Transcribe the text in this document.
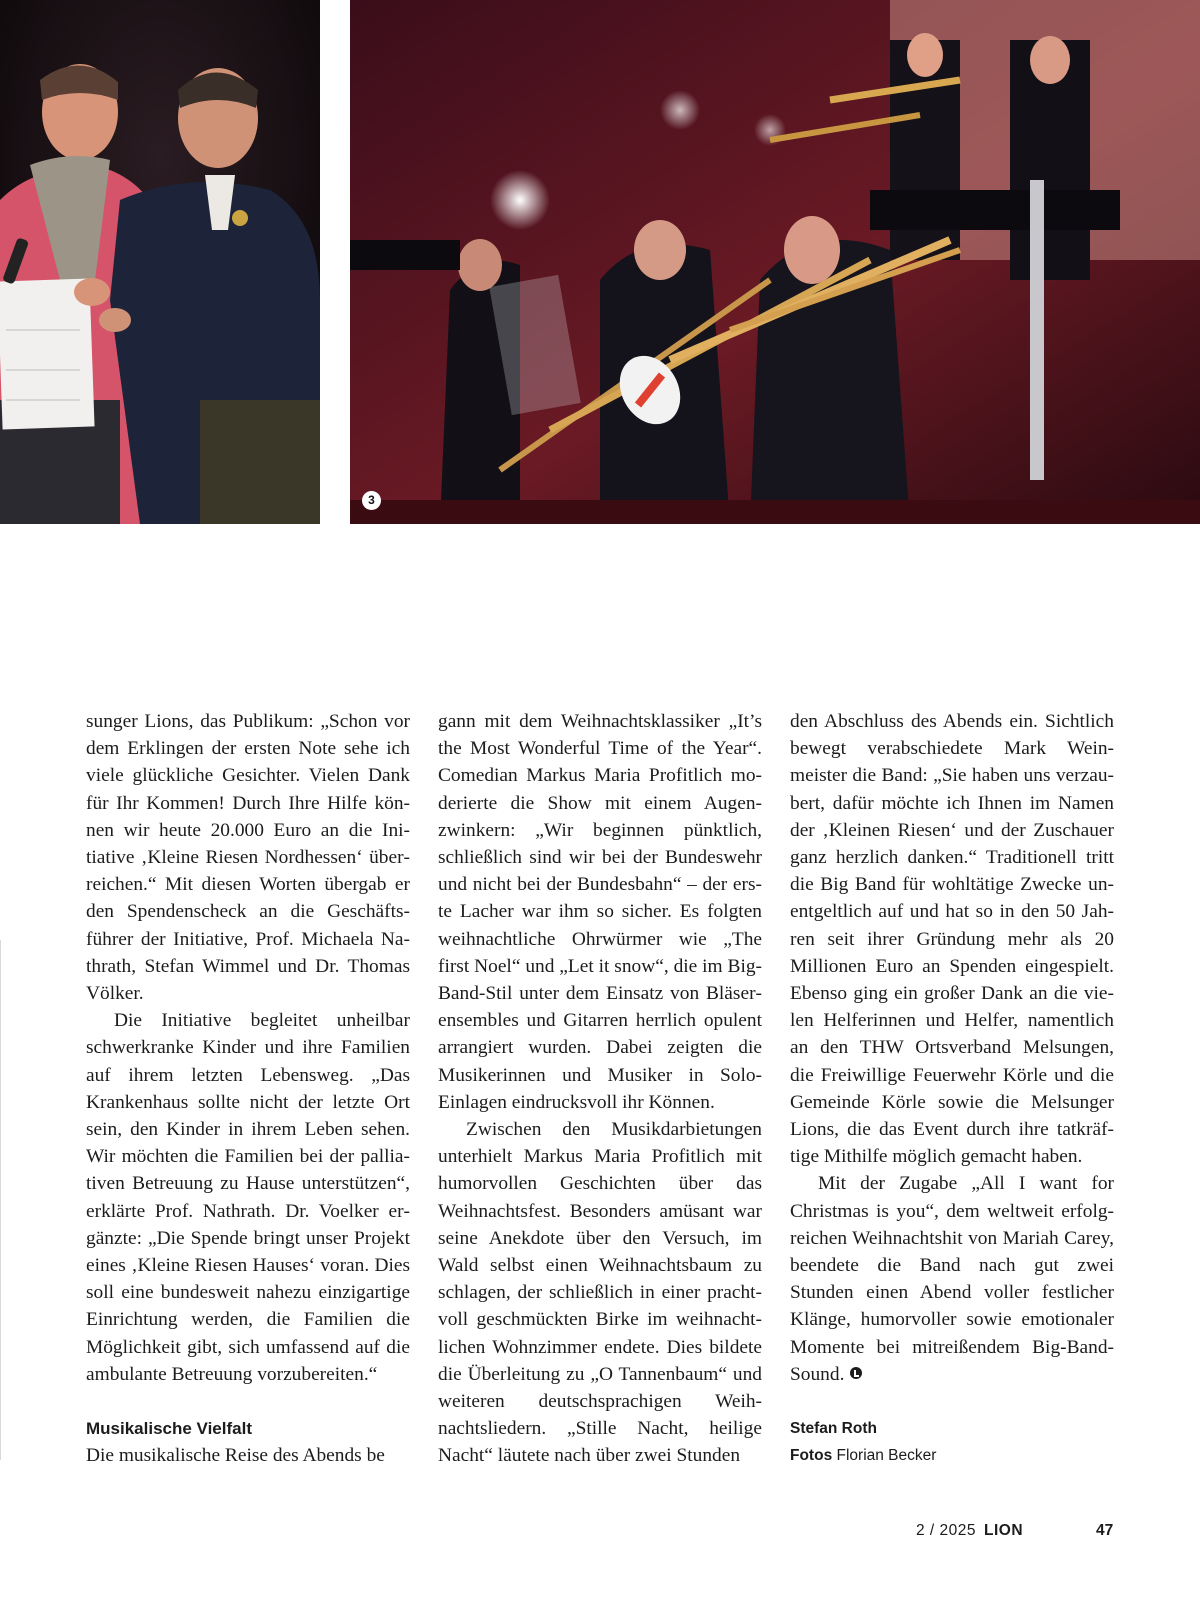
3

sunger Lions, das Publikum: „Schon vor dem Erklingen der ersten Note sehe ich viele glückliche Gesichter. Vielen Dank für Ihr Kommen! Durch Ihre Hilfe können wir heute 20.000 Euro an die Initiative ‚Kleine Riesen Nordhessen‘ überreichen.“ Mit diesen Worten übergab er den Spendenscheck an die Geschäftsführer der Initiative, Prof. Michaela Nathrath, Stefan Wimmel und Dr. Thomas Völker.

Die Initiative begleitet unheilbar schwerkranke Kinder und ihre Familien auf ihrem letzten Lebensweg. „Das Krankenhaus sollte nicht der letzte Ort sein, den Kinder in ihrem Leben sehen. Wir möchten die Familien bei der palliativen Betreuung zu Hause unterstützen“, erklärte Prof. Nathrath. Dr. Voelker ergänzte: „Die Spende bringt unser Projekt eines ‚Kleine Riesen Hauses‘ voran. Dies soll eine bundesweit nahezu einzigartige Einrichtung werden, die Familien die Möglichkeit gibt, sich umfassend auf die ambulante Betreuung vorzubereiten.“

Musikalische Vielfalt

Die musikalische Reise des Abends be

gann mit dem Weihnachtsklassiker „It’s the Most Wonderful Time of the Year“. Comedian Markus Maria Profitlich moderierte die Show mit einem Augenzwinkern: „Wir beginnen pünktlich, schließlich sind wir bei der Bundeswehr und nicht bei der Bundesbahn“ – der erste Lacher war ihm so sicher. Es folgten weihnachtliche Ohrwürmer wie „The first Noel“ und „Let it snow“, die im Big-Band-Stil unter dem Einsatz von Bläserensembles und Gitarren herrlich opulent arrangiert wurden. Dabei zeigten die Musikerinnen und Musiker in Solo-Einlagen eindrucksvoll ihr Können.

Zwischen den Musikdarbietungen unterhielt Markus Maria Profitlich mit humorvollen Geschichten über das Weihnachtsfest. Besonders amüsant war seine Anekdote über den Versuch, im Wald selbst einen Weihnachtsbaum zu schlagen, der schließlich in einer prachtvoll geschmückten Birke im weihnachtlichen Wohnzimmer endete. Dies bildete die Überleitung zu „O Tannenbaum“ und weiteren deutschsprachigen Weihnachtsliedern. „Stille Nacht, heilige Nacht“ läutete nach über zwei Stunden

den Abschluss des Abends ein. Sichtlich bewegt verabschiedete Mark Weinmeister die Band: „Sie haben uns verzaubert, dafür möchte ich Ihnen im Namen der ‚Kleinen Riesen‘ und der Zuschauer ganz herzlich danken.“ Traditionell tritt die Big Band für wohltätige Zwecke unentgeltlich auf und hat so in den 50 Jahren seit ihrer Gründung mehr als 20 Millionen Euro an Spenden eingespielt. Ebenso ging ein großer Dank an die vielen Helferinnen und Helfer, namentlich an den THW Ortsverband Melsungen, die Freiwillige Feuerwehr Körle und die Gemeinde Körle sowie die Melsunger Lions, die das Event durch ihre tatkräftige Mithilfe möglich gemacht haben.

Mit der Zugabe „All I want for Christmas is you“, dem weltweit erfolgreichen Weihnachtshit von Mariah Carey, beendete die Band nach gut zwei Stunden einen Abend voller festlicher Klänge, humorvoller sowie emotionaler Momente bei mitreißendem Big-Band-Sound.

Stefan Roth
Fotos Florian Becker
2 / 2025 LION	47
